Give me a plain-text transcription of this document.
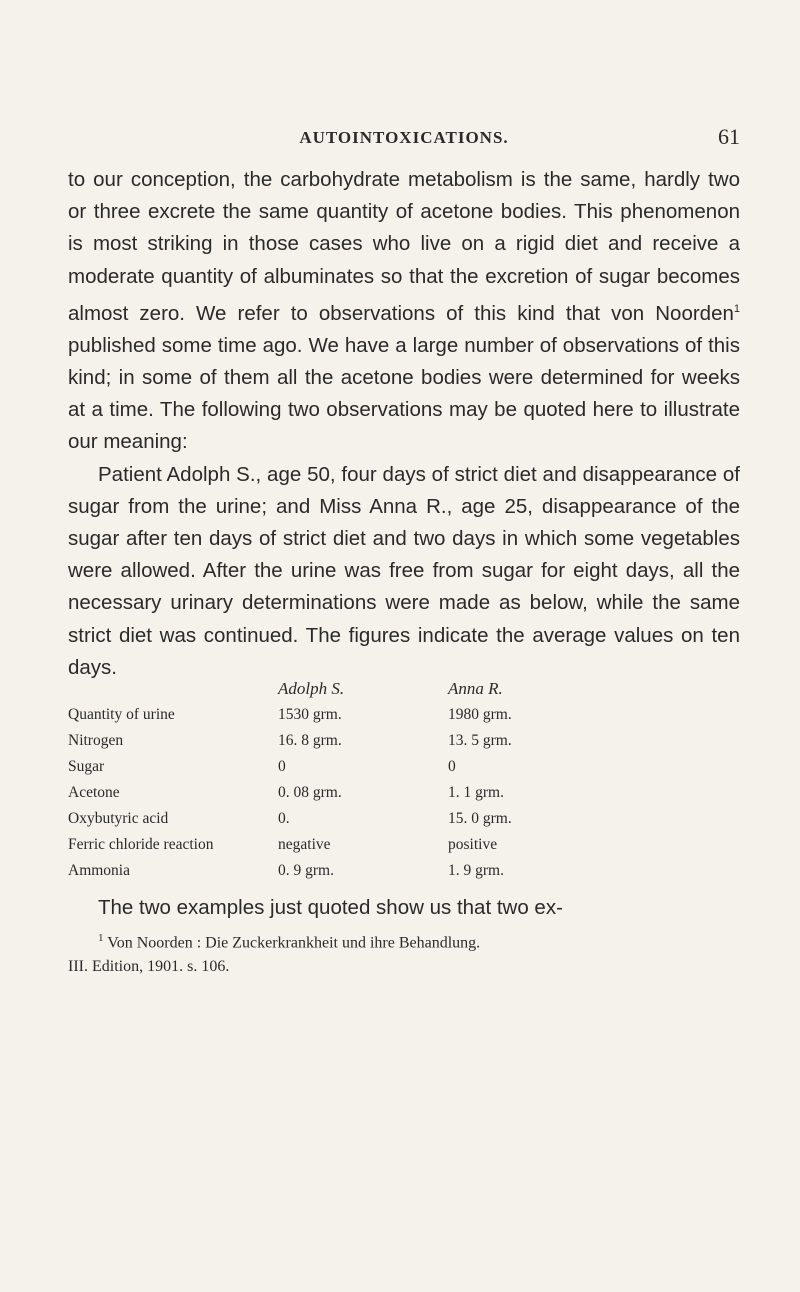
AUTOINTOXICATIONS.	61

to our conception, the carbohydrate metabolism is the same, hardly two or three excrete the same quantity of acetone bodies. This phenomenon is most striking in those cases who live on a rigid diet and receive a moderate quantity of albuminates so that the excretion of sugar becomes almost zero. We refer to observations of this kind that von Noorden$^1$ published some time ago. We have a large number of observations of this kind; in some of them all the acetone bodies were determined for weeks at a time. The following two observations may be quoted here to illustrate our meaning:

Patient Adolph S., age 50, four days of strict diet and disappearance of sugar from the urine; and Miss Anna R., age 25, disappearance of the sugar after ten days of strict diet and two days in which some vegetables were allowed. After the urine was free from sugar for eight days, all the necessary urinary determinations were made as below, while the same strict diet was continued. The figures indicate the average values on ten days.

	Adolph S.	Anna R.
Quantity of urine	1530 grm.	1980 grm.
Nitrogen	16. 8 grm.	13. 5 grm.
Sugar	0	0
Acetone	0. 08 grm.	1. 1 grm.
Oxybutyric acid	0.	15. 0 grm.
Ferric chloride reaction	negative	positive
Ammonia	0. 9 grm.	1. 9 grm.
The two examples just quoted show us that two ex-
$^1$ Von Noorden : Die Zuckerkrankheit und ihre Behandlung.
III. Edition, 1901. s. 106.
